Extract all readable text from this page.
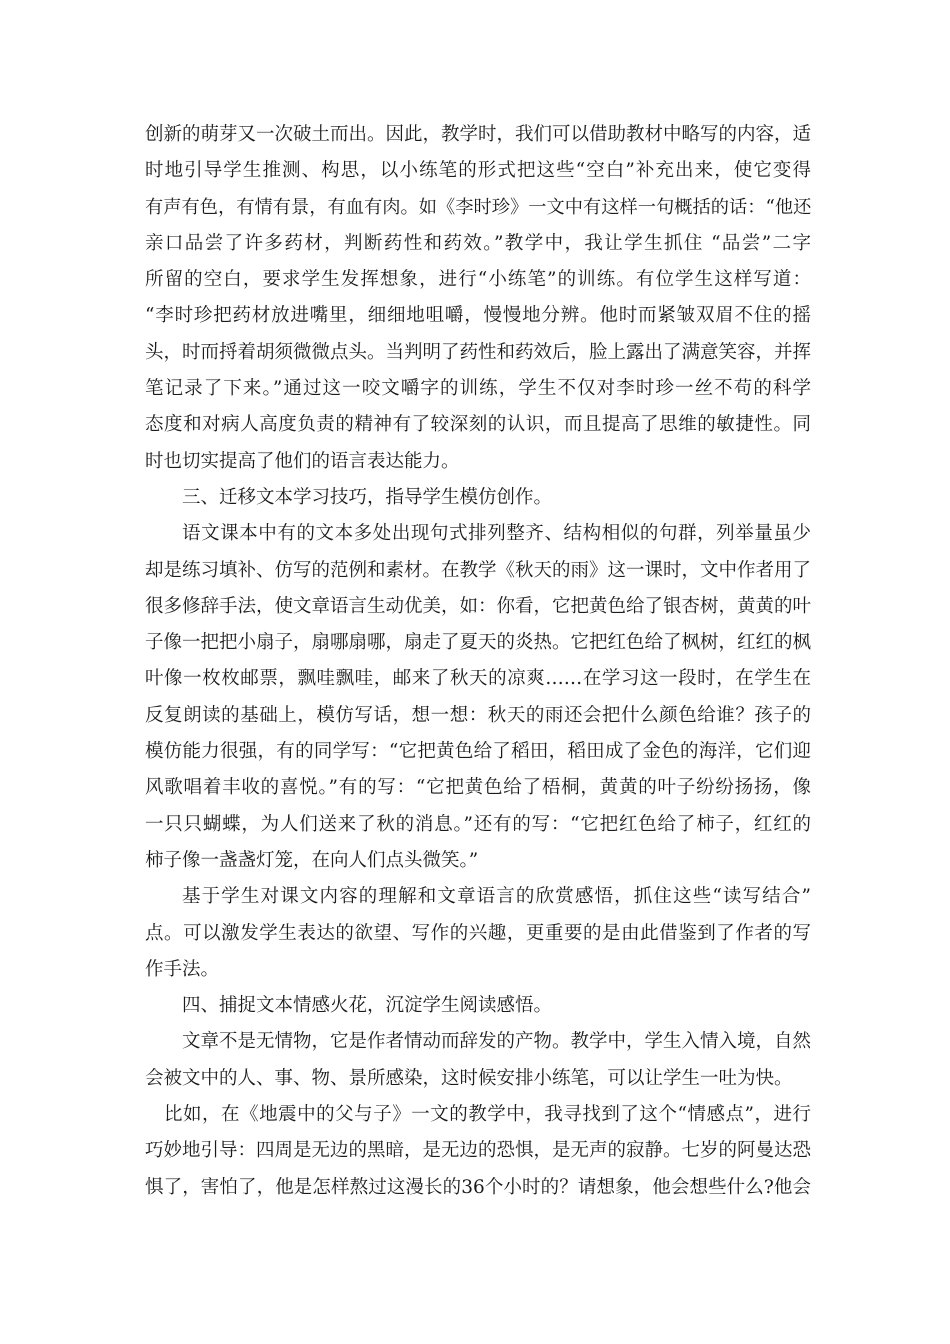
创新的萌芽又一次破土而出。因此，教学时，我们可以借助教材中略写的内容，适
时地引导学生推测、构思，以小练笔的形式把这些“空白”补充出来，使它变得
有声有色，有情有景，有血有肉。如《李时珍》一文中有这样一句概括的话：“他还
亲口品尝了许多药材，判断药性和药效。”教学中，我让学生抓住 “品尝”二字
所留的空白，要求学生发挥想象，进行“小练笔”的训练。有位学生这样写道：
“李时珍把药材放进嘴里，细细地咀嚼，慢慢地分辨。他时而紧皱双眉不住的摇
头，时而捋着胡须微微点头。当判明了药性和药效后，脸上露出了满意笑容，并挥
笔记录了下来。”通过这一咬文嚼字的训练，学生不仅对李时珍一丝不苟的科学
态度和对病人高度负责的精神有了较深刻的认识，而且提高了思维的敏捷性。同
时也切实提高了他们的语言表达能力。
三、迁移文本学习技巧，指导学生模仿创作。
语文课本中有的文本多处出现句式排列整齐、结构相似的句群，列举量虽少
却是练习填补、仿写的范例和素材。在教学《秋天的雨》这一课时，文中作者用了
很多修辞手法，使文章语言生动优美，如：你看，它把黄色给了银杏树，黄黄的叶
子像一把把小扇子，扇哪扇哪，扇走了夏天的炎热。它把红色给了枫树，红红的枫
叶像一枚枚邮票，飘哇飘哇，邮来了秋天的凉爽……在学习这一段时，在学生在
反复朗读的基础上，模仿写话，想一想：秋天的雨还会把什么颜色给谁？孩子的
模仿能力很强，有的同学写：“它把黄色给了稻田，稻田成了金色的海洋，它们迎
风歌唱着丰收的喜悦。”有的写：“它把黄色给了梧桐，黄黄的叶子纷纷扬扬，像
一只只蝴蝶，为人们送来了秋的消息。”还有的写：“它把红色给了柿子，红红的
柿子像一盏盏灯笼，在向人们点头微笑。”
基于学生对课文内容的理解和文章语言的欣赏感悟，抓住这些“读写结合”
点。可以激发学生表达的欲望、写作的兴趣，更重要的是由此借鉴到了作者的写
作手法。
四、捕捉文本情感火花，沉淀学生阅读感悟。
文章不是无情物，它是作者情动而辞发的产物。教学中，学生入情入境，自然
会被文中的人、事、物、景所感染，这时候安排小练笔，可以让学生一吐为快。
比如，在《地震中的父与子》一文的教学中，我寻找到了这个“情感点”，进行
巧妙地引导：四周是无边的黑暗，是无边的恐惧，是无声的寂静。七岁的阿曼达恐
惧了，害怕了，他是怎样熬过这漫长的36个小时的？请想象，他会想些什么?他会
